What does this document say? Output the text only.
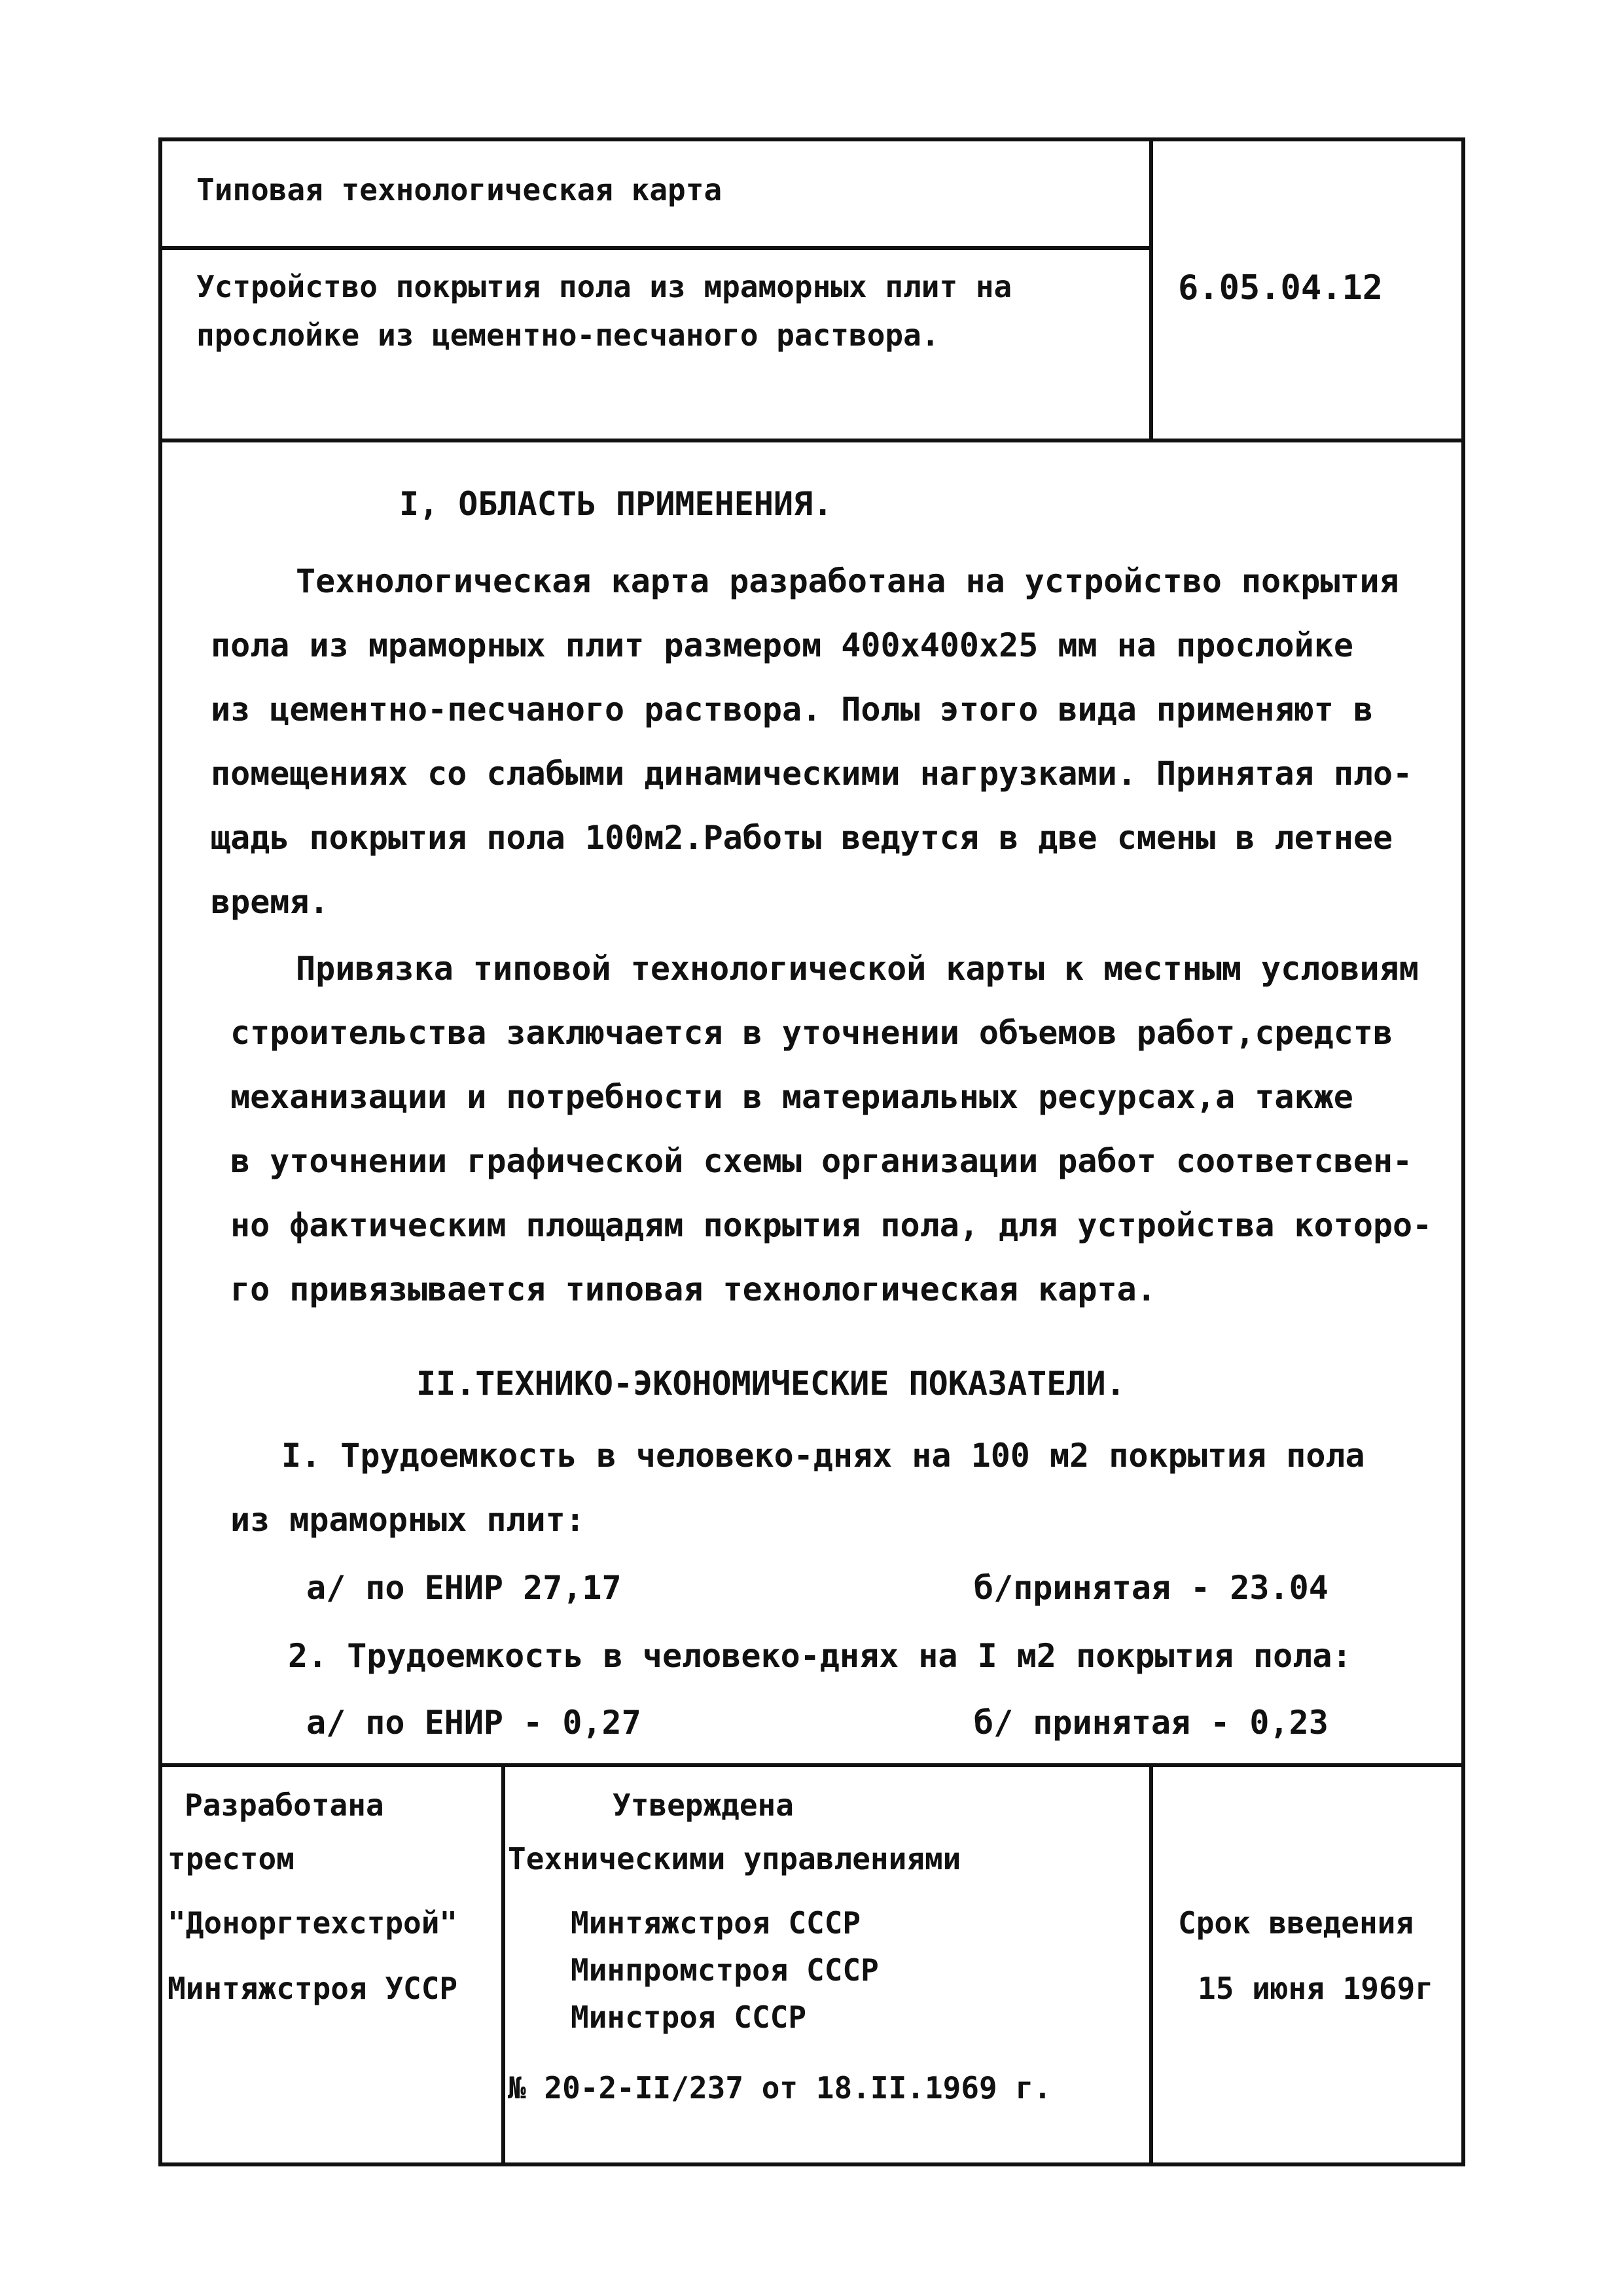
Типовая технологическая карта
Устройство покрытия пола из мраморных плит на
прослойке из цементно-песчаного раствора.
6.05.04.12
I, ОБЛАСТЬ ПРИМЕНЕНИЯ.
Технологическая карта разработана на устройство покрытия
пола из мраморных плит размером 400х400х25 мм на прослойке
из цементно-песчаного раствора. Полы этого вида применяют в
помещениях со слабыми динамическими нагрузками. Принятая пло-
щадь покрытия пола 100м2.Работы ведутся в две смены в летнее
время.
Привязка типовой технологической карты к местным условиям
строительства заключается в уточнении объемов работ,средств
механизации и потребности в материальных ресурсах,а также
в уточнении графической схемы организации работ соответсвен-
но фактическим площадям покрытия пола, для устройства которо-
го привязывается типовая технологическая карта.
II.ТЕХНИКО-ЭКОНОМИЧЕСКИЕ ПОКАЗАТЕЛИ.
I. Трудоемкость в человеко-днях на 100 м2 покрытия пола
из мраморных плит:
а/ по ЕНИР 27,17	б/принятая - 23.04
2. Трудоемкость в человеко-днях на I м2 покрытия пола:
а/ по ЕНИР - 0,27	б/ принятая - 0,23
Разработана
трестом
"Доноргтехстрой"
Минтяжстроя УССР
Утверждена
Техническими управлениями
Минтяжстроя СССР
Минпромстроя СССР
Минстроя СССР
№ 20-2-II/237 от 18.II.1969 г.
Срок введения
15 июня 1969г
